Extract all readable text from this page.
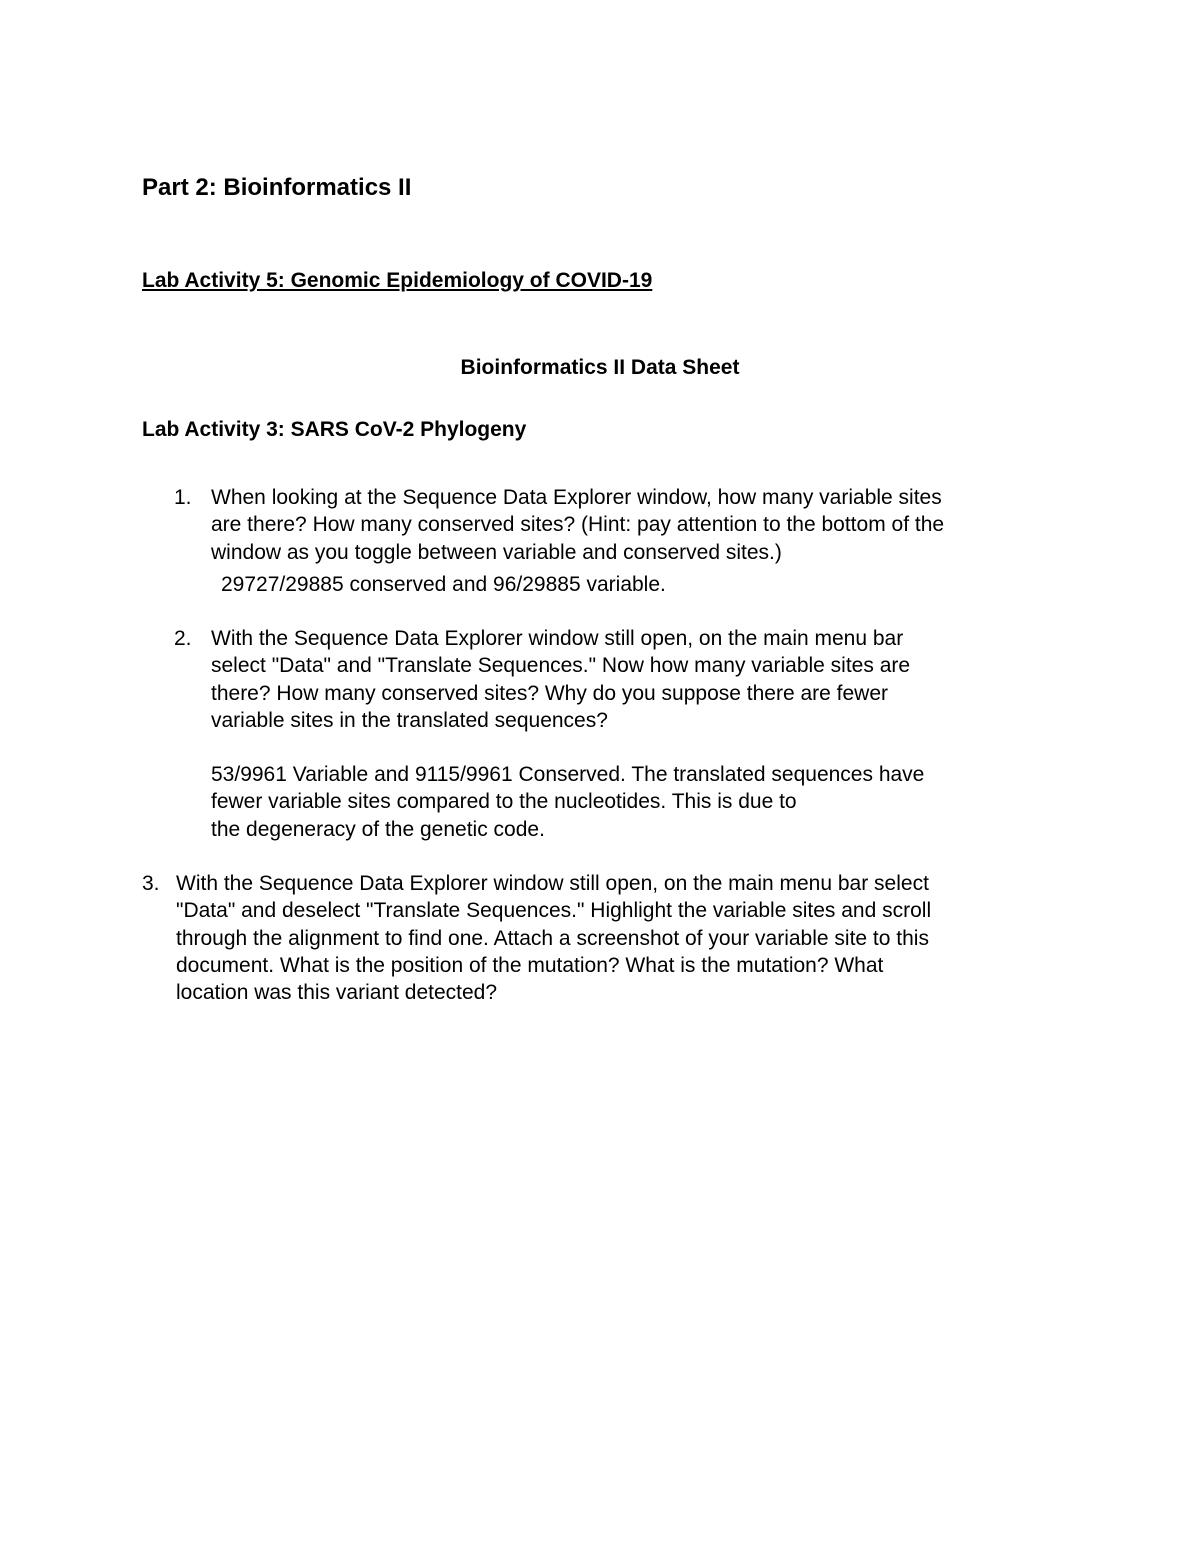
Part 2: Bioinformatics II
Lab Activity 5: Genomic Epidemiology of COVID-19
Bioinformatics II Data Sheet
Lab Activity 3: SARS CoV-2 Phylogeny
1. When looking at the Sequence Data Explorer window, how many variable sites
are there? How many conserved sites? (Hint: pay attention to the bottom of the
window as you toggle between variable and conserved sites.)
29727/29885 conserved and 96/29885 variable.
2. With the Sequence Data Explorer window still open, on the main menu bar
select "Data" and "Translate Sequences." Now how many variable sites are
there? How many conserved sites? Why do you suppose there are fewer
variable sites in the translated sequences?
53/9961 Variable and 9115/9961 Conserved. The translated sequences have
fewer variable sites compared to the nucleotides. This is due to
the degeneracy of the genetic code.
3. With the Sequence Data Explorer window still open, on the main menu bar select
"Data" and deselect "Translate Sequences." Highlight the variable sites and scroll
through the alignment to find one. Attach a screenshot of your variable site to this
document. What is the position of the mutation? What is the mutation? What
location was this variant detected?
